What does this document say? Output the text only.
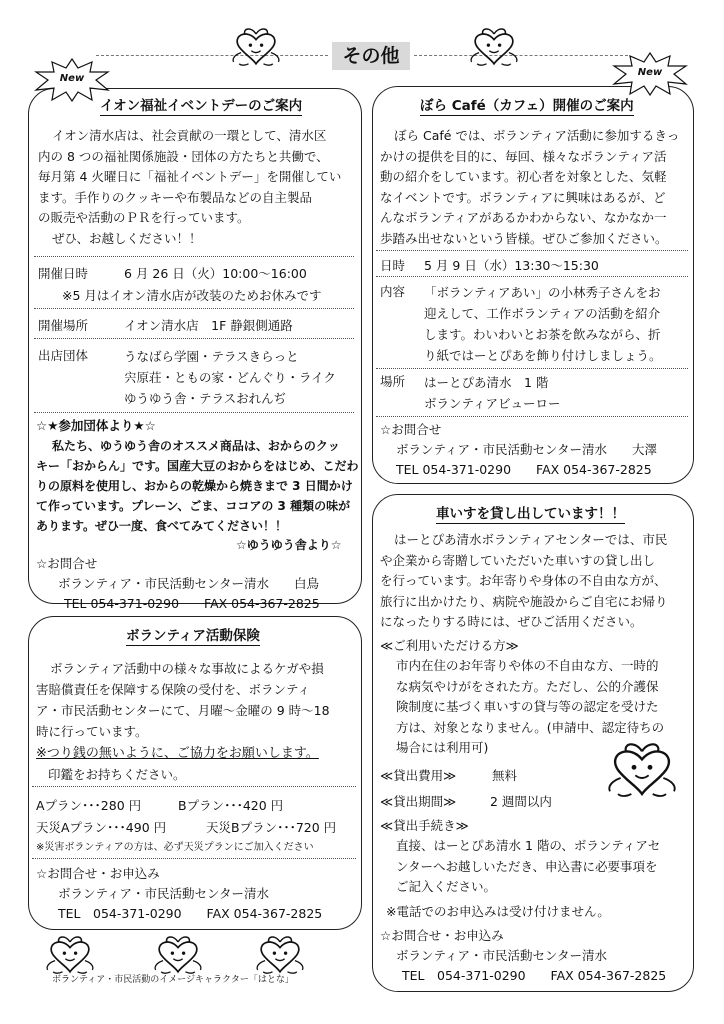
その他
New
New
イオン福祉イベントデーのご案内
イオン清水店は、社会貢献の一環として、清水区
内の 8 つの福祉関係施設・団体の方たちと共働で、
毎月第 4 火曜日に「福祉イベントデー」を開催してい
ます。手作りのクッキーや布製品などの自主製品
の販売や活動のＰＲを行っています。
ぜひ、お越しください！！
開催日時	6 月 26 日（火）10:00～16:00
※5 月はイオン清水店が改装のためお休みです
開催場所	イオン清水店　1F 静銀側通路
出店団体	うなばら学園・テラスきらっと
宍原荘・ともの家・どんぐり・ライク
ゆうゆう舎・テラスおれんぢ
☆★参加団体より★☆
私たち、ゆうゆう舎のオススメ商品は、おからのクッ
キー「おからん」です。国産大豆のおからをはじめ、こだわ
りの原料を使用し、おからの乾燥から焼きまで 3 日間かけ
て作っています。プレーン、ごま、ココアの 3 種類の味が
あります。ぜひ一度、食べてみてください！！
☆ゆうゆう舎より☆
☆お問合せ
ボランティア・市民活動センター清水　　白鳥
TEL 054-371-0290　　FAX 054-367-2825
ボランティア活動保険
ボランティア活動中の様々な事故によるケガや損
害賠償責任を保障する保険の受付を、ボランティ
ア・市民活動センターにて、月曜～金曜の 9 時～18
時に行っています。
※つり銭の無いように、ご協力をお願いします。
印鑑をお持ちください。
Aプラン･･･280 円	Bプラン･･･420 円
天災Aプラン･･･490 円	天災Bプラン･･･720 円
※災害ボランティアの方は、必ず天災プランにご加入ください
☆お問合せ・お申込み
ボランティア・市民活動センター清水
TEL　054-371-0290　　FAX 054-367-2825
ぼら Café（カフェ）開催のご案内
ぼら Café では、ボランティア活動に参加するきっ
かけの提供を目的に、毎回、様々なボランティア活
動の紹介をしています。初心者を対象とした、気軽
なイベントです。ボランティアに興味はあるが、ど
んなボランティアがあるかわからない、なかなか一
歩踏み出せないという皆様。ぜひご参加ください。
日時 5 月 9 日（水）13:30～15:30
内容 「ボランティアあい」の小林秀子さんをお
迎えして、工作ボランティアの活動を紹介
します。わいわいとお茶を飲みながら、折
り紙ではーとぴあを飾り付けしましょう。
場所 はーとぴあ清水　1 階
ボランティアビューロー
☆お問合せ
ボランティア・市民活動センター清水　　大澤
TEL 054-371-0290　　FAX 054-367-2825
車いすを貸し出しています！！
はーとぴあ清水ボランティアセンターでは、市民
や企業から寄贈していただいた車いすの貸し出し
を行っています。お年寄りや身体の不自由な方が、
旅行に出かけたり、病院や施設からご自宅にお帰り
になったりする時には、ぜひご活用ください。
≪ご利用いただける方≫
市内在住のお年寄りや体の不自由な方、一時的
な病気やけがをされた方。ただし、公的介護保
険制度に基づく車いすの貸与等の認定を受けた
方は、対象となりません。(申請中、認定待ちの
場合には利用可)
≪貸出費用≫	無料
≪貸出期間≫	2 週間以内
≪貸出手続き≫
直接、はーとぴあ清水 1 階の、ボランティアセ
ンターへお越しいただき、申込書に必要事項を
ご記入ください。
※電話でのお申込みは受け付けません。
☆お問合せ・お申込み
ボランティア・市民活動センター清水
TEL　054-371-0290　　FAX 054-367-2825
ボランティア・市民活動のイメージキャラクター「はとな」
